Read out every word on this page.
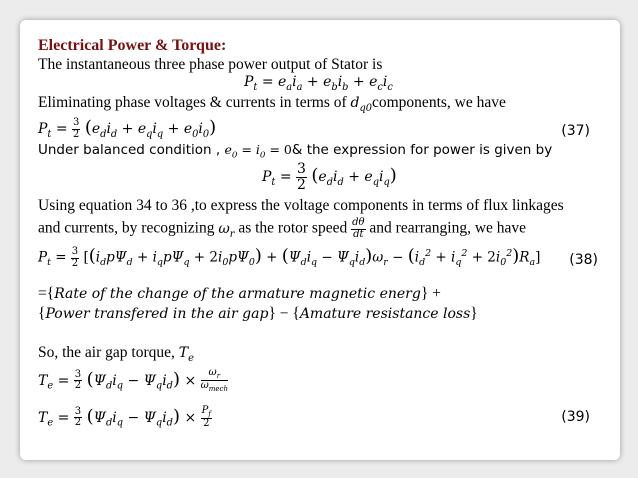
Electrical Power & Torque:
The instantaneous three phase power output of Stator is
$P_t = e_ai_a + e_bi_b + e_ci_c$
Eliminating phase voltages & currents in terms of $d_{q0}components$, we have
$P_t = \frac{3}{2} (e_di_d + e_qi_q + e_0i_0)$	(37)
Under balanced condition , $e_0 = i_0$ = 0& the expression for power is given by
$P_t = \frac{3}{2} (e_di_d + e_qi_q)$
Using equation 34 to 36 ,to express the voltage components in terms of flux linkages
and currents, by recognizing $\omega_r$ as the rotor speed $\frac{d\theta}{dt}$ and rearranging, we have
$P_t = \frac{3}{2} [(i_dp\Psi_d + i_qp\Psi_q + 2i_0p\Psi_0) + (\Psi_di_q - \Psi_qi_d)\omega_r - (i_d^2 + i_q^2 + 2i_0^2)R_a]$ (38)
={Rate of the change of the armature magnetic energ} +
{Power transfered in the air gap} − {Amature resistance loss}
So, the air gap torque, $T_e$
$T_e = \frac{3}{2} (\Psi_di_q - \Psi_qi_d) \times \frac{\omega_r}{\omega_{mech}}$
$T_e = \frac{3}{2} (\Psi_di_q - \Psi_qi_d) \times \frac{P_f}{2}$	(39)
